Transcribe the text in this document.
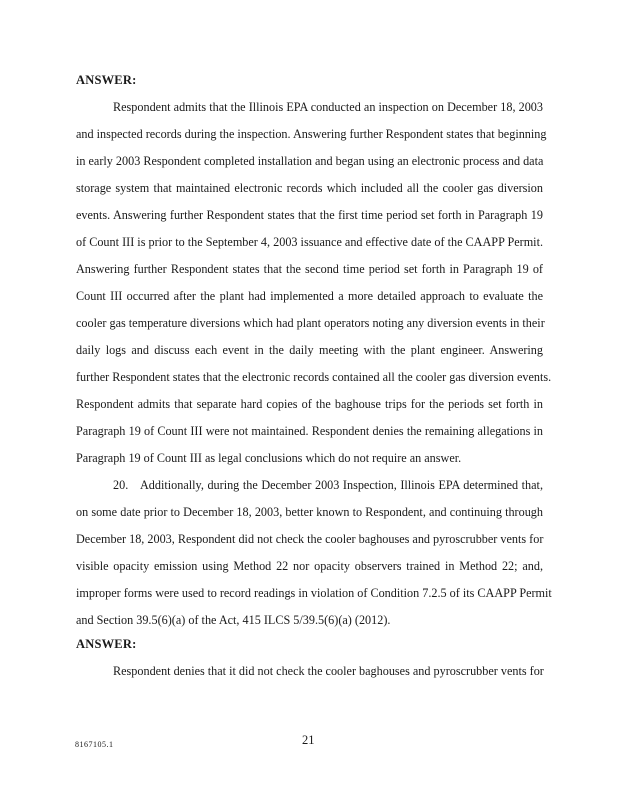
ANSWER:
Respondent admits that the Illinois EPA conducted an inspection on December 18, 2003
and inspected records during the inspection. Answering further Respondent states that beginning
in early 2003 Respondent completed installation and began using an electronic process and data
storage system that maintained electronic records which included all the cooler gas diversion
events. Answering further Respondent states that the first time period set forth in Paragraph 19
of Count III is prior to the September 4, 2003 issuance and effective date of the CAAPP Permit.
Answering further Respondent states that the second time period set forth in Paragraph 19 of
Count III occurred after the plant had implemented a more detailed approach to evaluate the
cooler gas temperature diversions which had plant operators noting any diversion events in their
daily logs and discuss each event in the daily meeting with the plant engineer. Answering
further Respondent states that the electronic records contained all the cooler gas diversion events.
Respondent admits that separate hard copies of the baghouse trips for the periods set forth in
Paragraph 19 of Count III were not maintained. Respondent denies the remaining allegations in
Paragraph 19 of Count III as legal conclusions which do not require an answer.
20. Additionally, during the December 2003 Inspection, Illinois EPA determined that,
on some date prior to December 18, 2003, better known to Respondent, and continuing through
December 18, 2003, Respondent did not check the cooler baghouses and pyroscrubber vents for
visible opacity emission using Method 22 nor opacity observers trained in Method 22; and,
improper forms were used to record readings in violation of Condition 7.2.5 of its CAAPP Permit
and Section 39.5(6)(a) of the Act, 415 ILCS 5/39.5(6)(a) (2012).
ANSWER:
Respondent denies that it did not check the cooler baghouses and pyroscrubber vents for
8167105.1	21
